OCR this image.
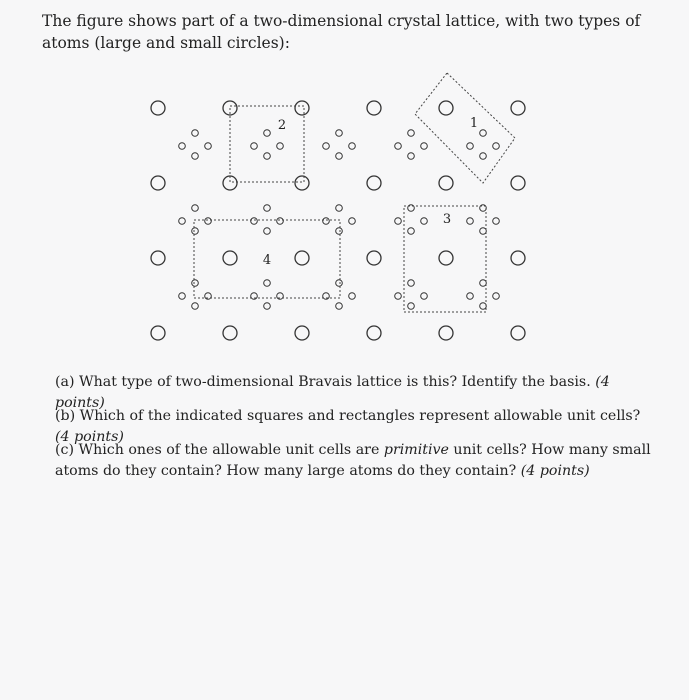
The figure shows part of a two-dimensional crystal lattice, with two types of atoms (large and small circles):
1
2
3
4
(a) What type of two-dimensional Bravais lattice is this? Identify the basis. (4 points)
(b) Which of the indicated squares and rectangles represent allowable unit cells? (4 points)
(c) Which ones of the allowable unit cells are primitive unit cells? How many small atoms do they contain? How many large atoms do they contain? (4 points)
